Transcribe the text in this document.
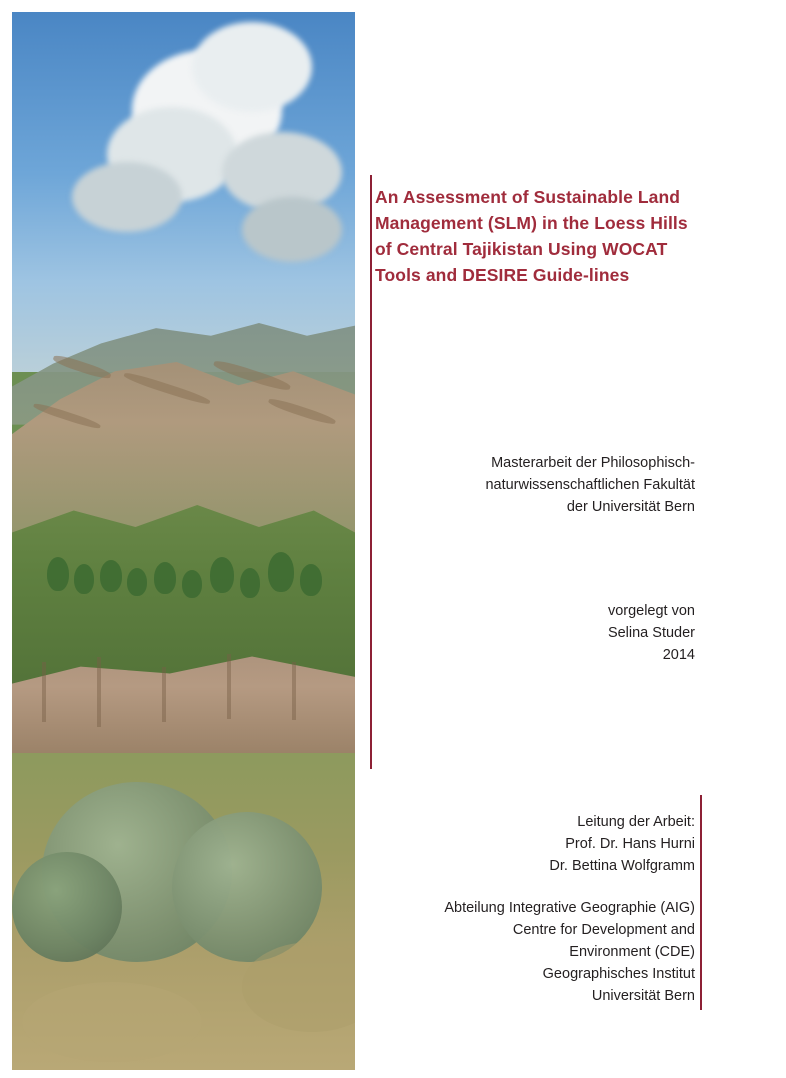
An Assessment of Sustainable Land Management (SLM) in the Loess Hills of Central Tajikistan Using WOCAT Tools and DESIRE Guide-lines
Masterarbeit der Philosophisch-
naturwissenschaftlichen Fakultät
der Universität Bern
vorgelegt von
Selina Studer
2014
Leitung der Arbeit:
Prof. Dr. Hans Hurni
Dr. Bettina Wolfgramm
Abteilung Integrative Geographie (AIG)
Centre for Development and
Environment (CDE)
Geographisches Institut
Universität Bern
